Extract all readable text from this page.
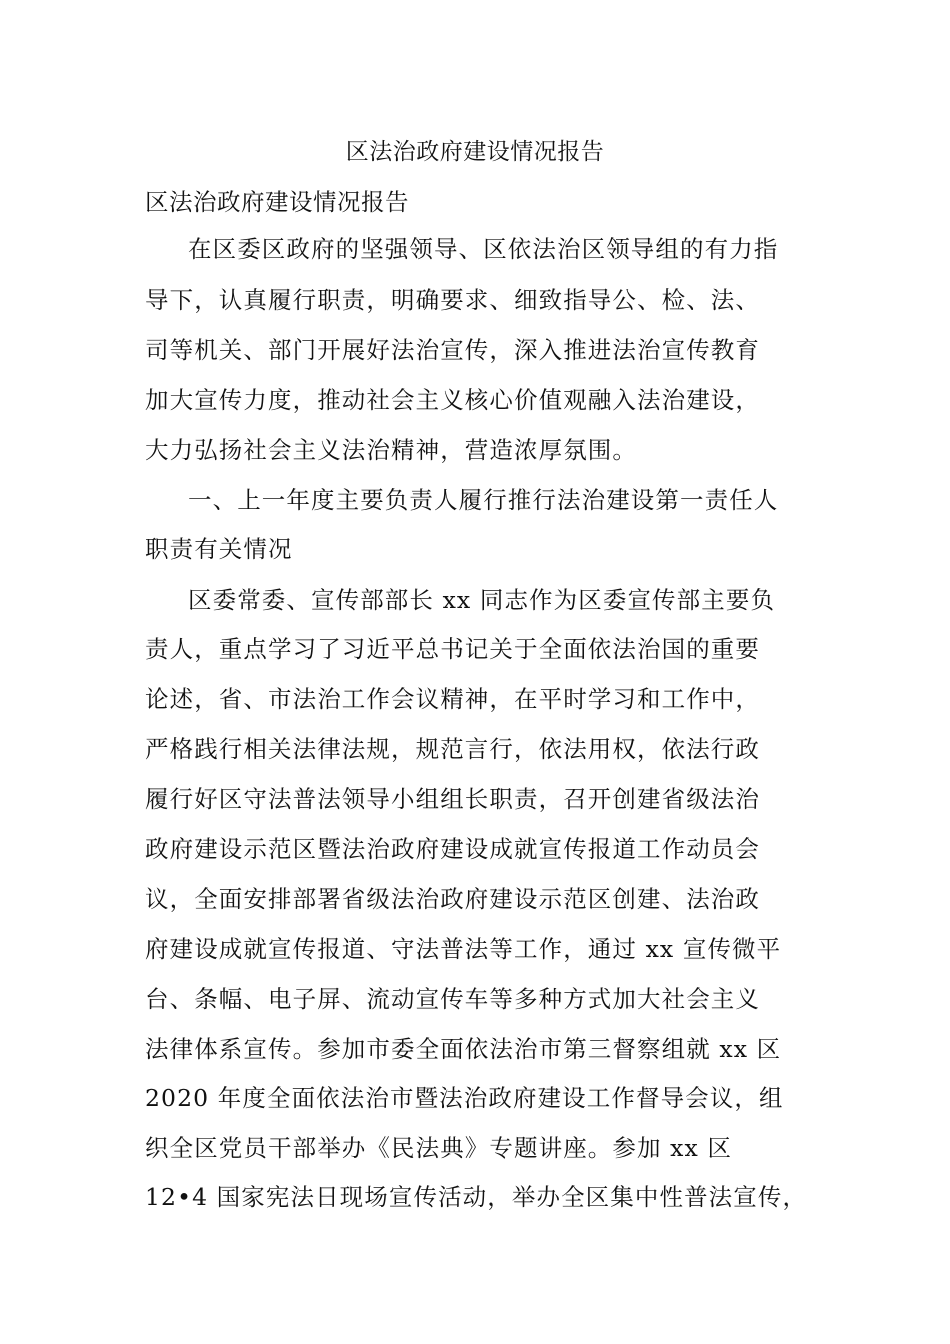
区法治政府建设情况报告
区法治政府建设情况报告
在区委区政府的坚强领导、区依法治区领导组的有力指
导下，认真履行职责，明确要求、细致指导公、检、法、
司等机关、部门开展好法治宣传，深入推进法治宣传教育
加大宣传力度，推动社会主义核心价值观融入法治建设，
大力弘扬社会主义法治精神，营造浓厚氛围。
一、上一年度主要负责人履行推行法治建设第一责任人
职责有关情况
区委常委、宣传部部长 xx 同志作为区委宣传部主要负
责人，重点学习了习近平总书记关于全面依法治国的重要
论述，省、市法治工作会议精神，在平时学习和工作中，
严格践行相关法律法规，规范言行，依法用权，依法行政
履行好区守法普法领导小组组长职责，召开创建省级法治
政府建设示范区暨法治政府建设成就宣传报道工作动员会
议，全面安排部署省级法治政府建设示范区创建、法治政
府建设成就宣传报道、守法普法等工作，通过 xx 宣传微平
台、条幅、电子屏、流动宣传车等多种方式加大社会主义
法律体系宣传。参加市委全面依法治市第三督察组就 xx 区
2020 年度全面依法治市暨法治政府建设工作督导会议，组
织全区党员干部举办《民法典》专题讲座。参加 xx 区
12•4 国家宪法日现场宣传活动，举办全区集中性普法宣传，
